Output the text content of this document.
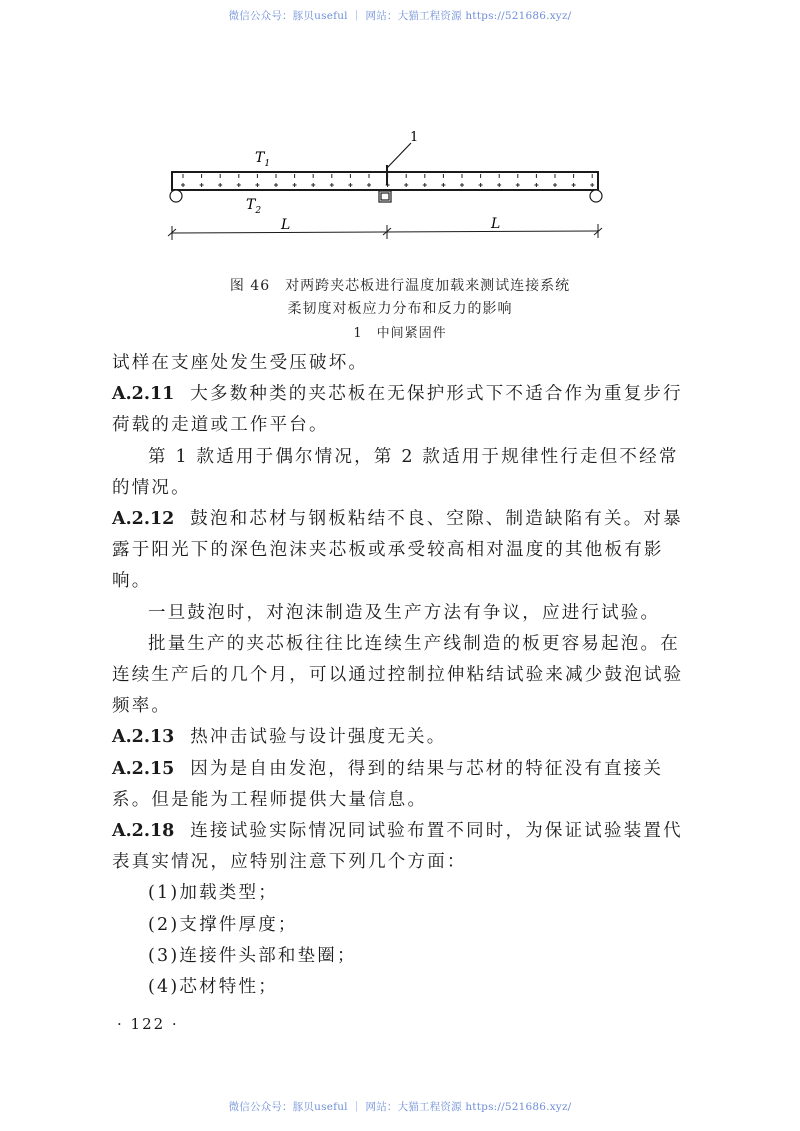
微信公众号：豚贝useful ｜ 网站：大猫工程资源 https://521686.xyz/
1
$T_1$
$T_2$
L	L
图 46　对两跨夹芯板进行温度加载来测试连接系统
柔韧度对板应力分布和反力的影响
1　中间紧固件

试样在支座处发生受压破坏。

A.2.11 大多数种类的夹芯板在无保护形式下不适合作为重复步行荷载的走道或工作平台。

第 1 款适用于偶尔情况，第 2 款适用于规律性行走但不经常的情况。

A.2.12 鼓泡和芯材与钢板粘结不良、空隙、制造缺陷有关。对暴露于阳光下的深色泡沫夹芯板或承受较高相对温度的其他板有影响。

一旦鼓泡时，对泡沫制造及生产方法有争议，应进行试验。

批量生产的夹芯板往往比连续生产线制造的板更容易起泡。在连续生产后的几个月，可以通过控制拉伸粘结试验来减少鼓泡试验频率。

A.2.13 热冲击试验与设计强度无关。

A.2.15 因为是自由发泡，得到的结果与芯材的特征没有直接关系。但是能为工程师提供大量信息。

A.2.18 连接试验实际情况同试验布置不同时，为保证试验装置代表真实情况，应特别注意下列几个方面：

(1)加载类型；

(2)支撑件厚度；

(3)连接件头部和垫圈；

(4)芯材特性；

· 122 ·
微信公众号：豚贝useful ｜ 网站：大猫工程资源 https://521686.xyz/
